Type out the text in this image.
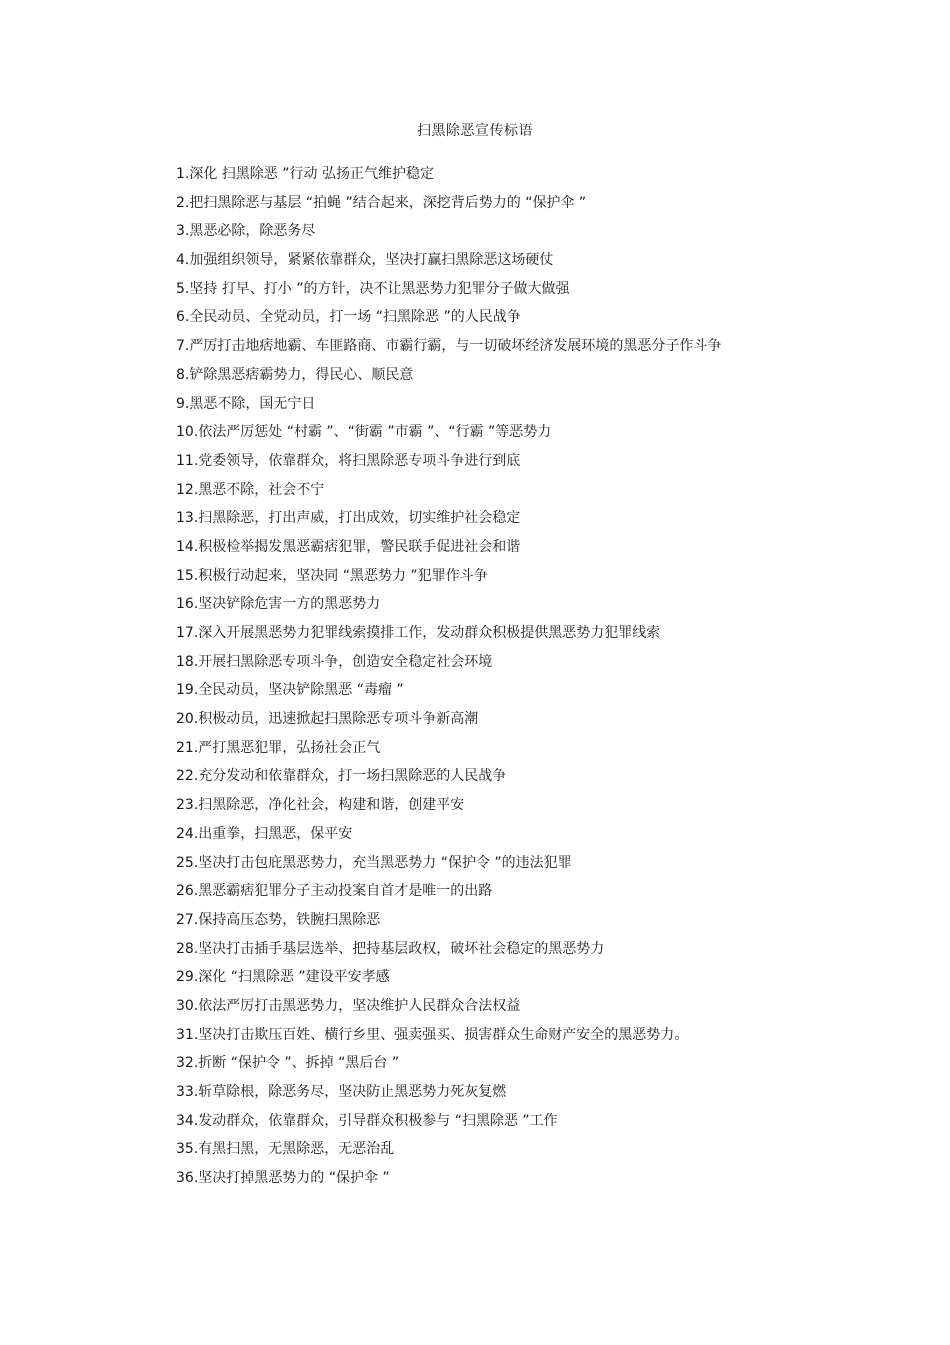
扫黑除恶宣传标语
1.深化 扫黑除恶 ”行动 弘扬正气维护稳定
2.把扫黑除恶与基层 “拍蝇 ”结合起来，深挖背后势力的 “保护伞 ”
3.黑恶必除，除恶务尽
4.加强组织领导，紧紧依靠群众，坚决打赢扫黑除恶这场硬仗
5.坚持 打早、打小 ”的方针，决不让黑恶势力犯罪分子做大做强
6.全民动员、全党动员，打一场 “扫黑除恶 ”的人民战争
7.严厉打击地痞地霸、车匪路商、市霸行霸，与一切破坏经济发展环境的黑恶分子作斗争
8.铲除黑恶痞霸势力，得民心、顺民意
9.黑恶不除，国无宁日
10.依法严厉惩处 “村霸 ”、“街霸 ”市霸 ”、“行霸 ”等恶势力
11.党委领导，依靠群众，将扫黑除恶专项斗争进行到底
12.黑恶不除，社会不宁
13.扫黑除恶，打出声威，打出成效，切实维护社会稳定
14.积极检举揭发黑恶霸痞犯罪，警民联手促进社会和谐
15.积极行动起来，坚决同 “黑恶势力 ”犯罪作斗争
16.坚决铲除危害一方的黑恶势力
17.深入开展黑恶势力犯罪线索摸排工作，发动群众积极提供黑恶势力犯罪线索
18.开展扫黑除恶专项斗争，创造安全稳定社会环境
19.全民动员，坚决铲除黑恶 “毒瘤 ”
20.积极动员，迅速掀起扫黑除恶专项斗争新高潮
21.严打黑恶犯罪，弘扬社会正气
22.充分发动和依靠群众，打一场扫黑除恶的人民战争
23.扫黑除恶，净化社会，构建和谐，创建平安
24.出重拳，扫黑恶，保平安
25.坚决打击包庇黑恶势力，充当黑恶势力 “保护令 ”的违法犯罪
26.黑恶霸痞犯罪分子主动投案自首才是唯一的出路
27.保持高压态势，铁腕扫黑除恶
28.坚决打击插手基层选举、把持基层政权，破坏社会稳定的黑恶势力
29.深化 “扫黑除恶 ”建设平安孝感
30.依法严厉打击黑恶势力，坚决维护人民群众合法权益
31.坚决打击欺压百姓、横行乡里、强卖强买、损害群众生命财产安全的黑恶势力。
32.折断 “保护令 ”、拆掉 “黑后台 ”
33.斩草除根，除恶务尽，坚决防止黑恶势力死灰复燃
34.发动群众，依靠群众，引导群众积极参与 “扫黑除恶 ”工作
35.有黑扫黑，无黑除恶，无恶治乱
36.坚决打掉黑恶势力的 “保护伞 ”
